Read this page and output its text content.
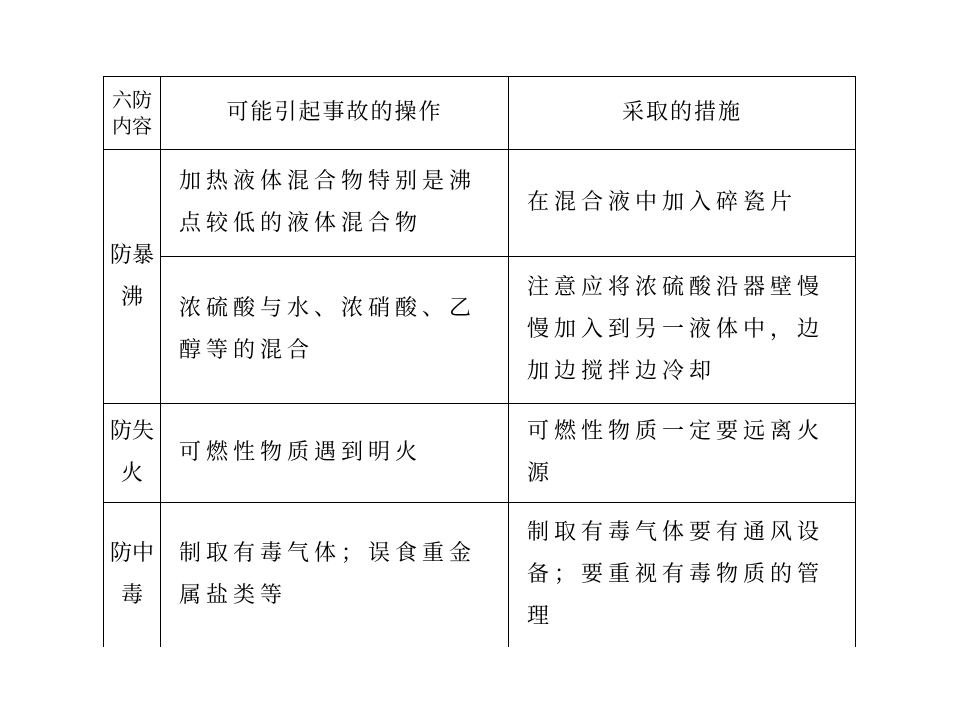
六防内容	可能引起事故的操作	采取的措施
防暴沸	加热液体混合物特别是沸点较低的液体混合物	在混合液中加入碎瓷片
	浓硫酸与水、浓硝酸、乙醇等的混合	注意应将浓硫酸沿器壁慢慢加入到另一液体中，边加边搅拌边冷却
防失火	可燃性物质遇到明火	可燃性物质一定要远离火源
防中毒	制取有毒气体；误食重金属盐类等	制取有毒气体要有通风设备；要重视有毒物质的管理
